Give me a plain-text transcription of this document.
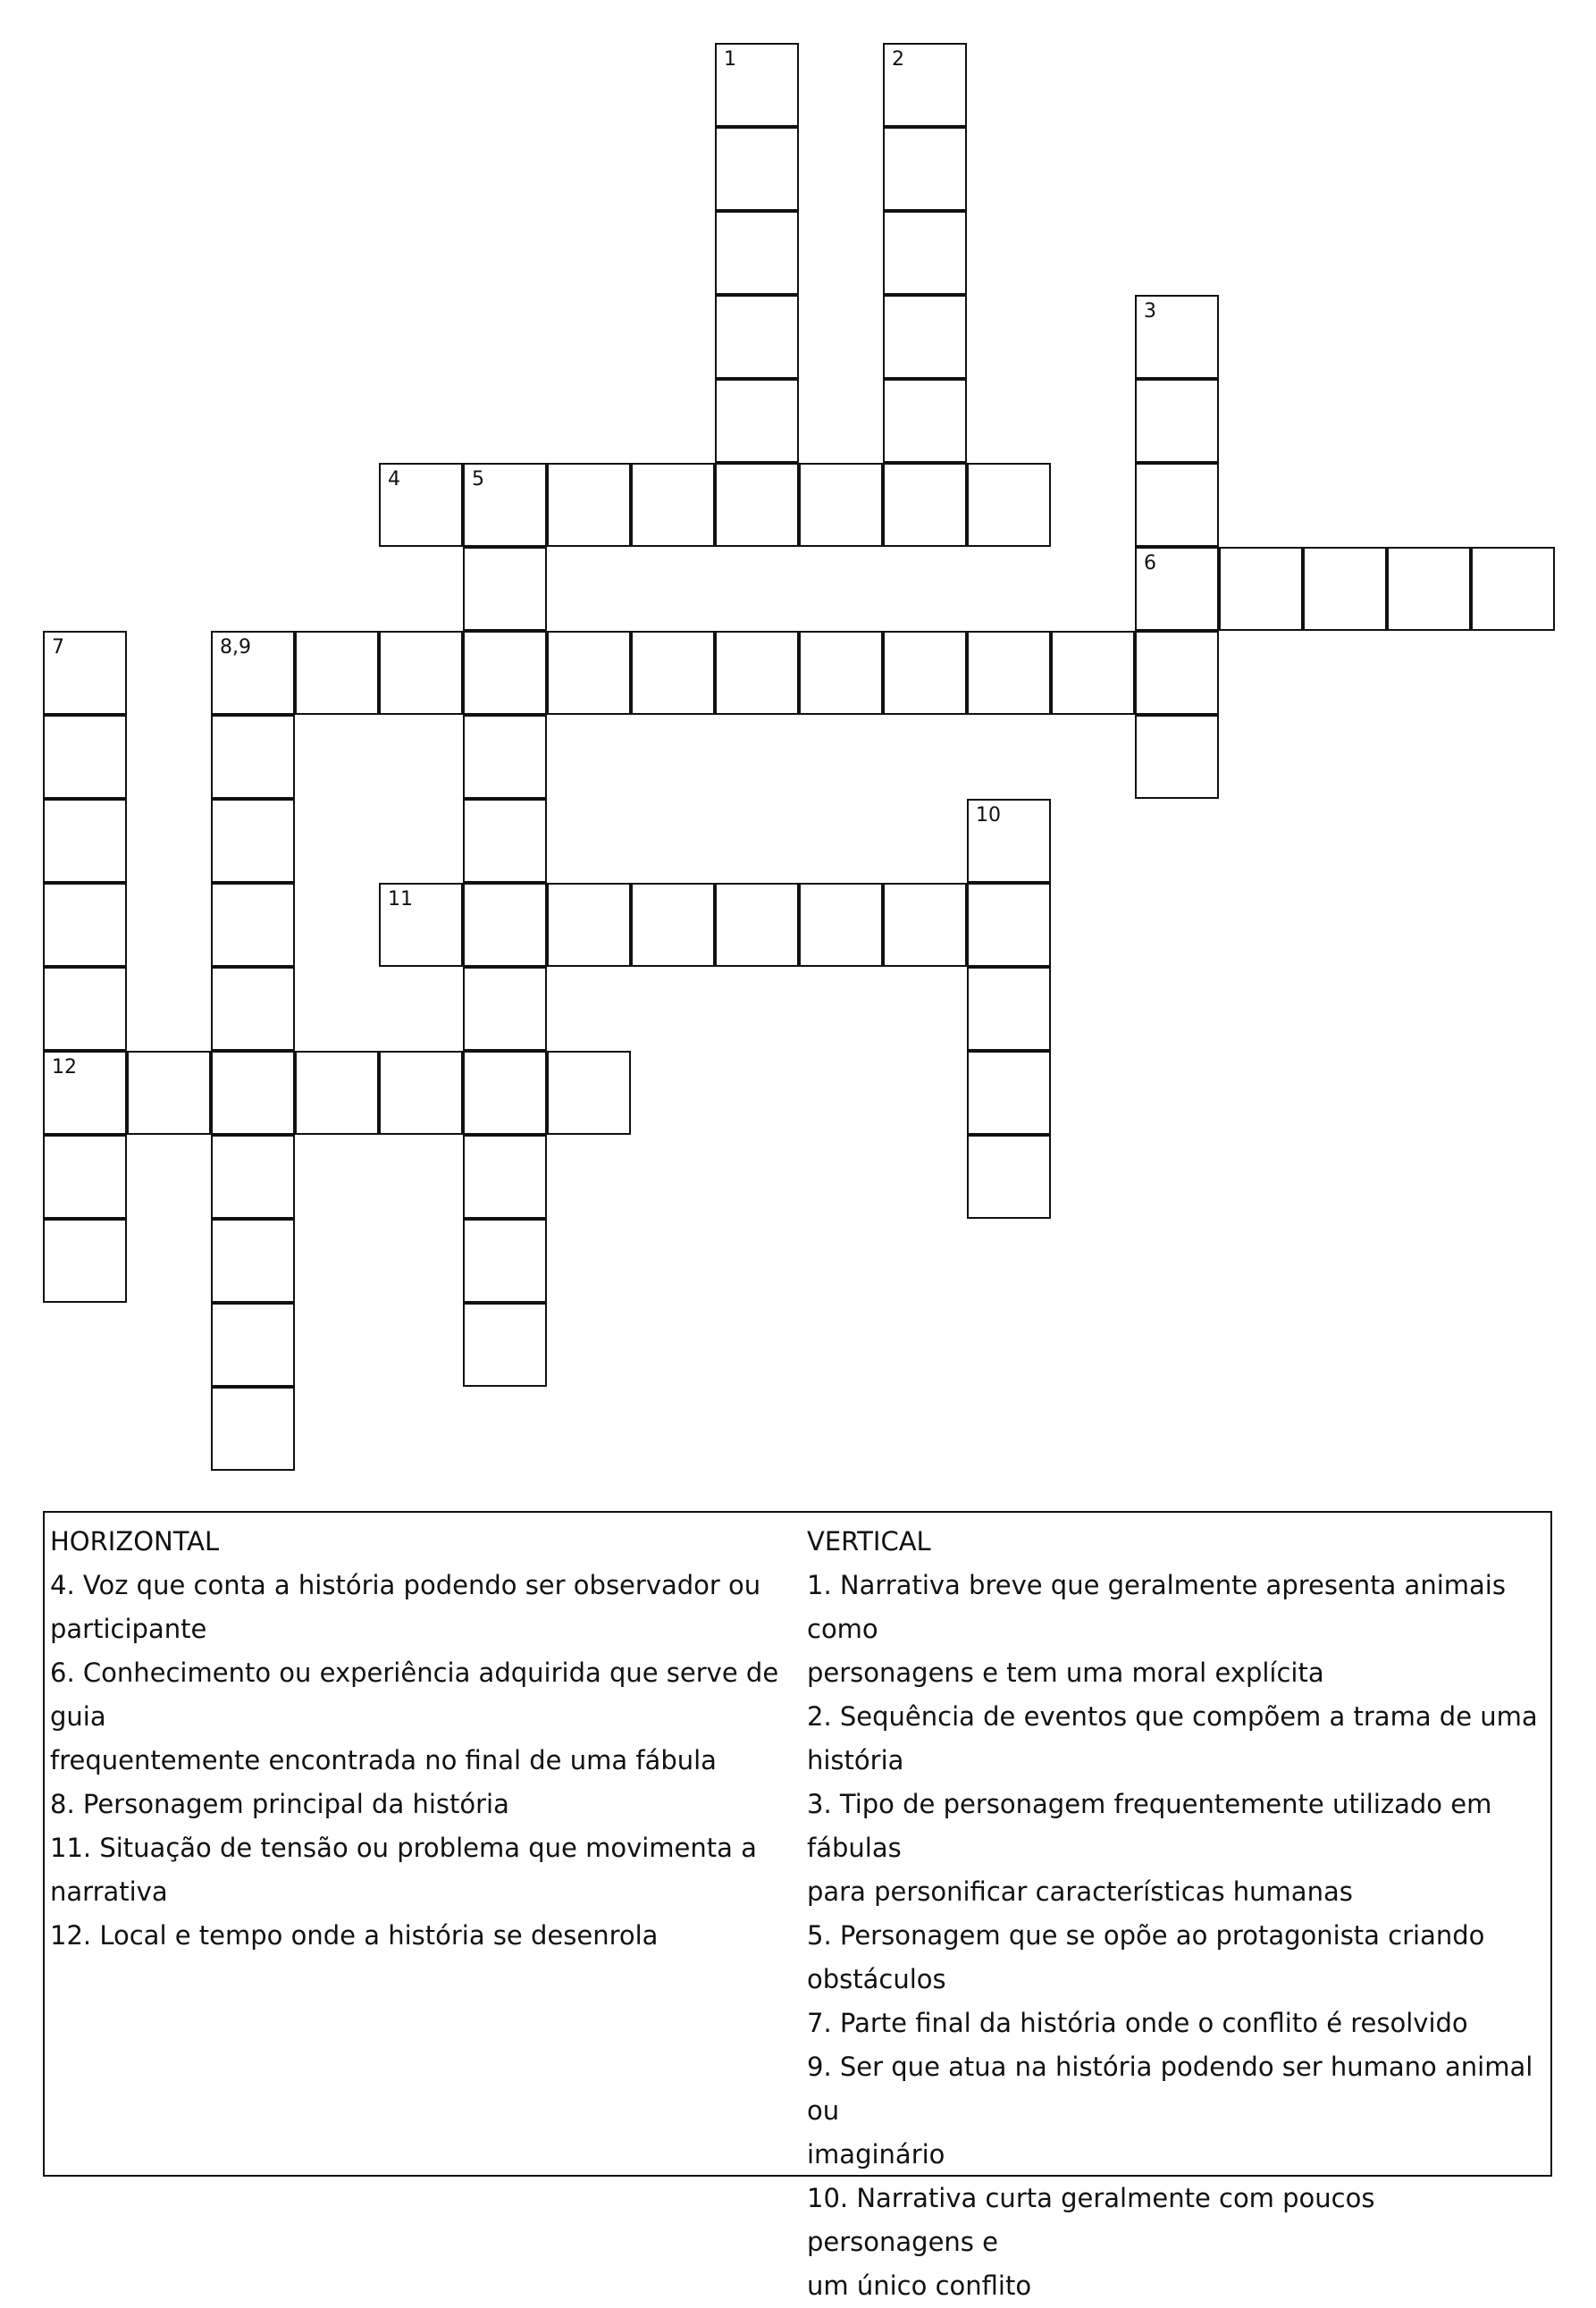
1	2
3
4	5
6
7	8,9
10
11
12
HORIZONTAL
4. Voz que conta a história podendo ser observador ou
participante
6. Conhecimento ou experiência adquirida que serve de guia
frequentemente encontrada no final de uma fábula
8. Personagem principal da história
11. Situação de tensão ou problema que movimenta a
narrativa
12. Local e tempo onde a história se desenrola
VERTICAL
1. Narrativa breve que geralmente apresenta animais como
personagens e tem uma moral explícita
2. Sequência de eventos que compõem a trama de uma
história
3. Tipo de personagem frequentemente utilizado em fábulas
para personificar características humanas
5. Personagem que se opõe ao protagonista criando
obstáculos
7. Parte final da história onde o conflito é resolvido
9. Ser que atua na história podendo ser humano animal ou
imaginário
10. Narrativa curta geralmente com poucos personagens e
um único conflito
